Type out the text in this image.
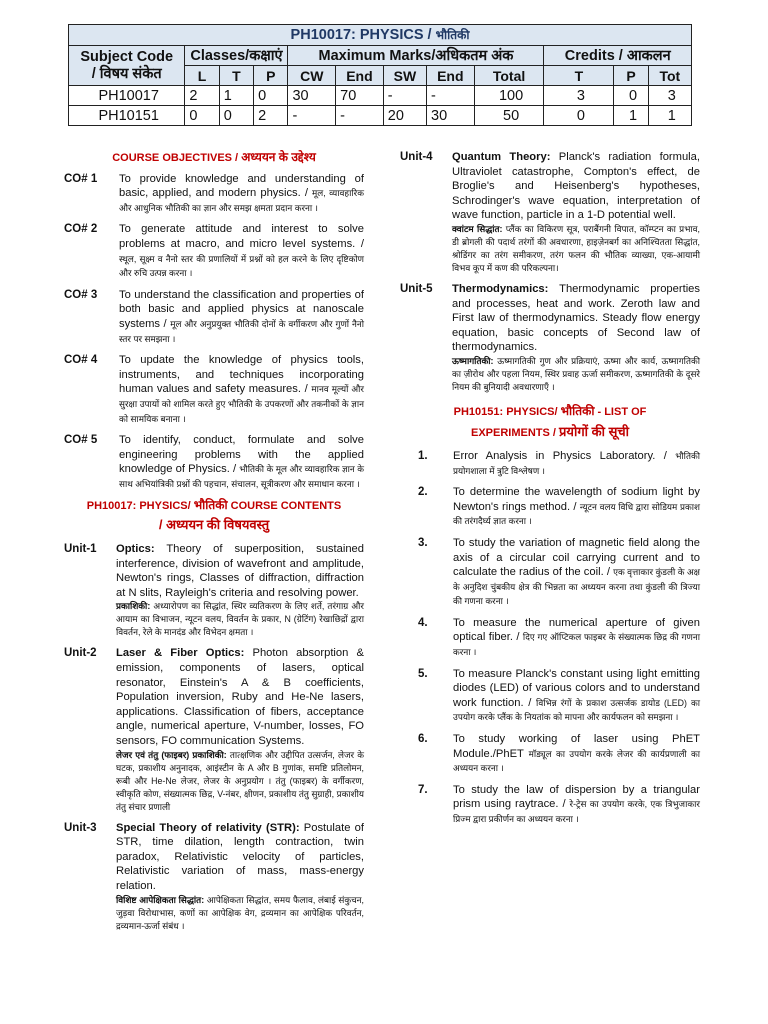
PH10017: PHYSICS / भौतिकी											
Subject Code
/ विषय संकेत	Classes/कक्षाएं			Maximum Marks/अधिकतम अंक					Credits / आकलन		
	L	T	P	CW	End	SW	End	Total	T	P	Tot
PH10017	2	1	0	30	70	-	-	100	3	0	3
PH10151	0	0	2	-	-	20	30	50	0	1	1
COURSE OBJECTIVES / अध्ययन के उद्देश्य
CO# 1	To provide knowledge and understanding of basic, applied, and modern physics. / मूल, व्यावहारिक और आधुनिक भौतिकी का ज्ञान और समझ क्षमता प्रदान करना ।
CO# 2	To generate attitude and interest to solve problems at macro, and micro level systems. / स्थूल, सूक्ष्म व नैनो स्तर की प्रणालियों में प्रश्नों को हल करने के लिए दृष्टिकोण और रुचि उत्पन्न करना ।
CO# 3	To understand the classification and properties of both basic and applied physics at nanoscale systems / मूल और अनुप्रयुक्त भौतिकी दोनों के वर्गीकरण और गुणों नैनो स्तर पर समझना ।
CO# 4	To update the knowledge of physics tools, instruments, and techniques incorporating human values and safety measures. / मानव मूल्यों और सुरक्षा उपायों को शामिल करते हुए भौतिकी के उपकरणों और तकनीकों के ज्ञान को सामयिक बनाना ।
CO# 5	To identify, conduct, formulate and solve engineering problems with the applied knowledge of Physics. / भौतिकी के मूल और व्यावहारिक ज्ञान के साथ अभियांत्रिकी प्रश्नों की पहचान, संचालन, सूत्रीकरण और समाधान करना ।
PH10017: PHYSICS/ भौतिकी COURSE CONTENTS
/ अध्ययन की विषयवस्तु
Unit-1	Optics: Theory of superposition, sustained interference, division of wavefront and amplitude, Newton's rings, Classes of diffraction, diffraction at N slits, Rayleigh's criteria and resolving power.
प्रकाशिकी: अध्यारोपण का सिद्धांत, स्थिर व्यतिकरण के लिए शर्ते, तरंगाग्र और आयाम का विभाजन, न्यूटन वलय, विवर्तन के प्रकार, N (ग्रेटिंग) रेखाछिद्रों द्वारा विवर्तन, रेले के मानदंड और विभेदन क्षमता ।
Unit-2	Laser & Fiber Optics: Photon absorption & emission, components of lasers, optical resonator, Einstein's A & B coefficients, Population inversion, Ruby and He-Ne lasers, applications. Classification of fibers, acceptance angle, numerical aperture, V-number, losses, FO sensors, FO communication Systems.
लेजर एवं तंतु (फाइबर) प्रकाशिकी: तात्क्षणिक और उद्दीपित उत्सर्जन, लेजर के घटक, प्रकाशीय अनुनादक, आइंस्टीन के A और B गुणांक, समष्टि प्रतिलोमन, रूबी और He-Ne लेजर, लेजर के अनुप्रयोग । तंतु (फाइबर) के वर्गीकरण, स्वीकृति कोण, संख्यात्मक छिद्र, V-नंबर, क्षीणन, प्रकाशीय तंतु सुग्राही, प्रकाशीय तंतु संचार प्रणाली
Unit-3	Special Theory of relativity (STR): Postulate of STR, time dilation, length contraction, twin paradox, Relativistic velocity of particles, Relativistic variation of mass, mass-energy relation.
विशिष्ट आपेक्षिकता सिद्धांत: आपेक्षिकता सिद्धांत, समय फैलाव, लंबाई संकुचन, जुड़वा विरोधाभास, कणों का आपेक्षिक वेग, द्रव्यमान का आपेक्षिक परिवर्तन, द्रव्यमान-ऊर्जा संबंध ।
Unit-4	Quantum Theory: Planck's radiation formula, Ultraviolet catastrophe, Compton's effect, de Broglie's and Heisenberg's hypotheses, Schrodinger's wave equation, interpretation of wave function, particle in a 1-D potential well.
क्वांटम सिद्धांत: प्लैंक का विकिरण सूत्र, पराबैंगनी विपात, कॉम्प्टन का प्रभाव, डी ब्रोगली की पदार्थ तरंगों की अवधारणा, हाइज़ेनबर्ग का अनिश्चितता सिद्धांत, श्रोडिंगर का तरंग समीकरण, तरंग फलन की भौतिक व्याख्या, एक-आयामी विभव कूप में कण की परिकल्पना।
Unit-5	Thermodynamics: Thermodynamic properties and processes, heat and work. Zeroth law and First law of thermodynamics. Steady flow energy equation, basic concepts of Second law of thermodynamics.
ऊष्मागतिकी: ऊष्मागतिकी गुण और प्रक्रियाएं, ऊष्मा और कार्य, ऊष्मागतिकी का ज़ीरोथ और पहला नियम, स्थिर प्रवाह ऊर्जा समीकरण, ऊष्मागतिकी के दूसरे नियम की बुनियादी अवधारणाएँ ।
PH10151: PHYSICS/ भौतिकी - LIST OF
EXPERIMENTS / प्रयोगों की सूची
1.	Error Analysis in Physics Laboratory. / भौतिकी प्रयोगशाला में त्रुटि विश्लेषण ।
2.	To determine the wavelength of sodium light by Newton's rings method. / न्यूटन वलय विधि द्वारा सोडियम प्रकाश की तरंगदैर्घ्य ज्ञात करना ।
3.	To study the variation of magnetic field along the axis of a circular coil carrying current and to calculate the radius of the coil. / एक वृत्ताकार कुंडली के अक्ष के अनुदिश चुंबकीय क्षेत्र की भिन्नता का अध्ययन करना तथा कुंडली की त्रिज्या की गणना करना ।
4.	To measure the numerical aperture of given optical fiber. / दिए गए ऑप्टिकल फाइबर के संख्यात्मक छिद्र की गणना करना ।
5.	To measure Planck's constant using light emitting diodes (LED) of various colors and to understand work function. / विभिन्न रंगों के प्रकाश उत्सर्जक डायोड (LED) का उपयोग करके प्लैंक के नियतांक को मापना और कार्यफलन को समझना ।
6.	To study working of laser using PhET Module./PhET मॉड्यूल का उपयोग करके लेजर की कार्यप्रणाली का अध्ययन करना ।
7.	To study the law of dispersion by a triangular prism using raytrace. / रे-ट्रेस का उपयोग करके, एक त्रिभुजाकार प्रिज्म द्वारा प्रकीर्णन का अध्ययन करना ।
